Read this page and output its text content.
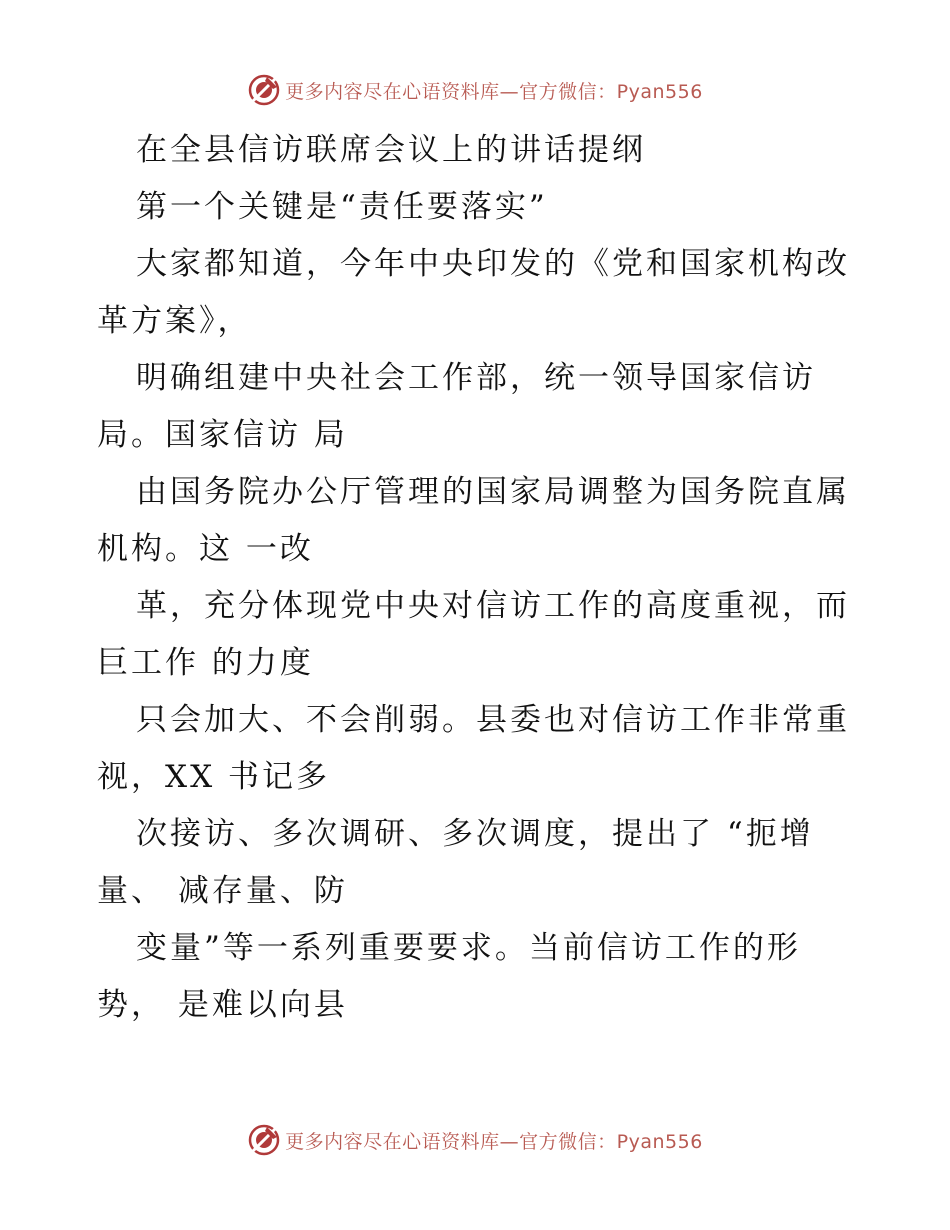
更多内容尽在心语资料库—官方微信：Pyan556

在全县信访联席会议上的讲话提纲

第一个关键是“责任要落实”

大家都知道，今年中央印发的《党和国家机构改

革方案》，

明确组建中央社会工作部，统一领导国家信访

局。国家信访 局

由国务院办公厅管理的国家局调整为国务院直属

机构。这 一改

革，充分体现党中央对信访工作的高度重视，而

巨工作 的力度

只会加大、不会削弱。县委也对信访工作非常重

视，XX 书记多

次接访、多次调研、多次调度，提出了 “扼增

量、 减存量、防

变量”等一系列重要要求。当前信访工作的形

势， 是难以向县

更多内容尽在心语资料库—官方微信：Pyan556
